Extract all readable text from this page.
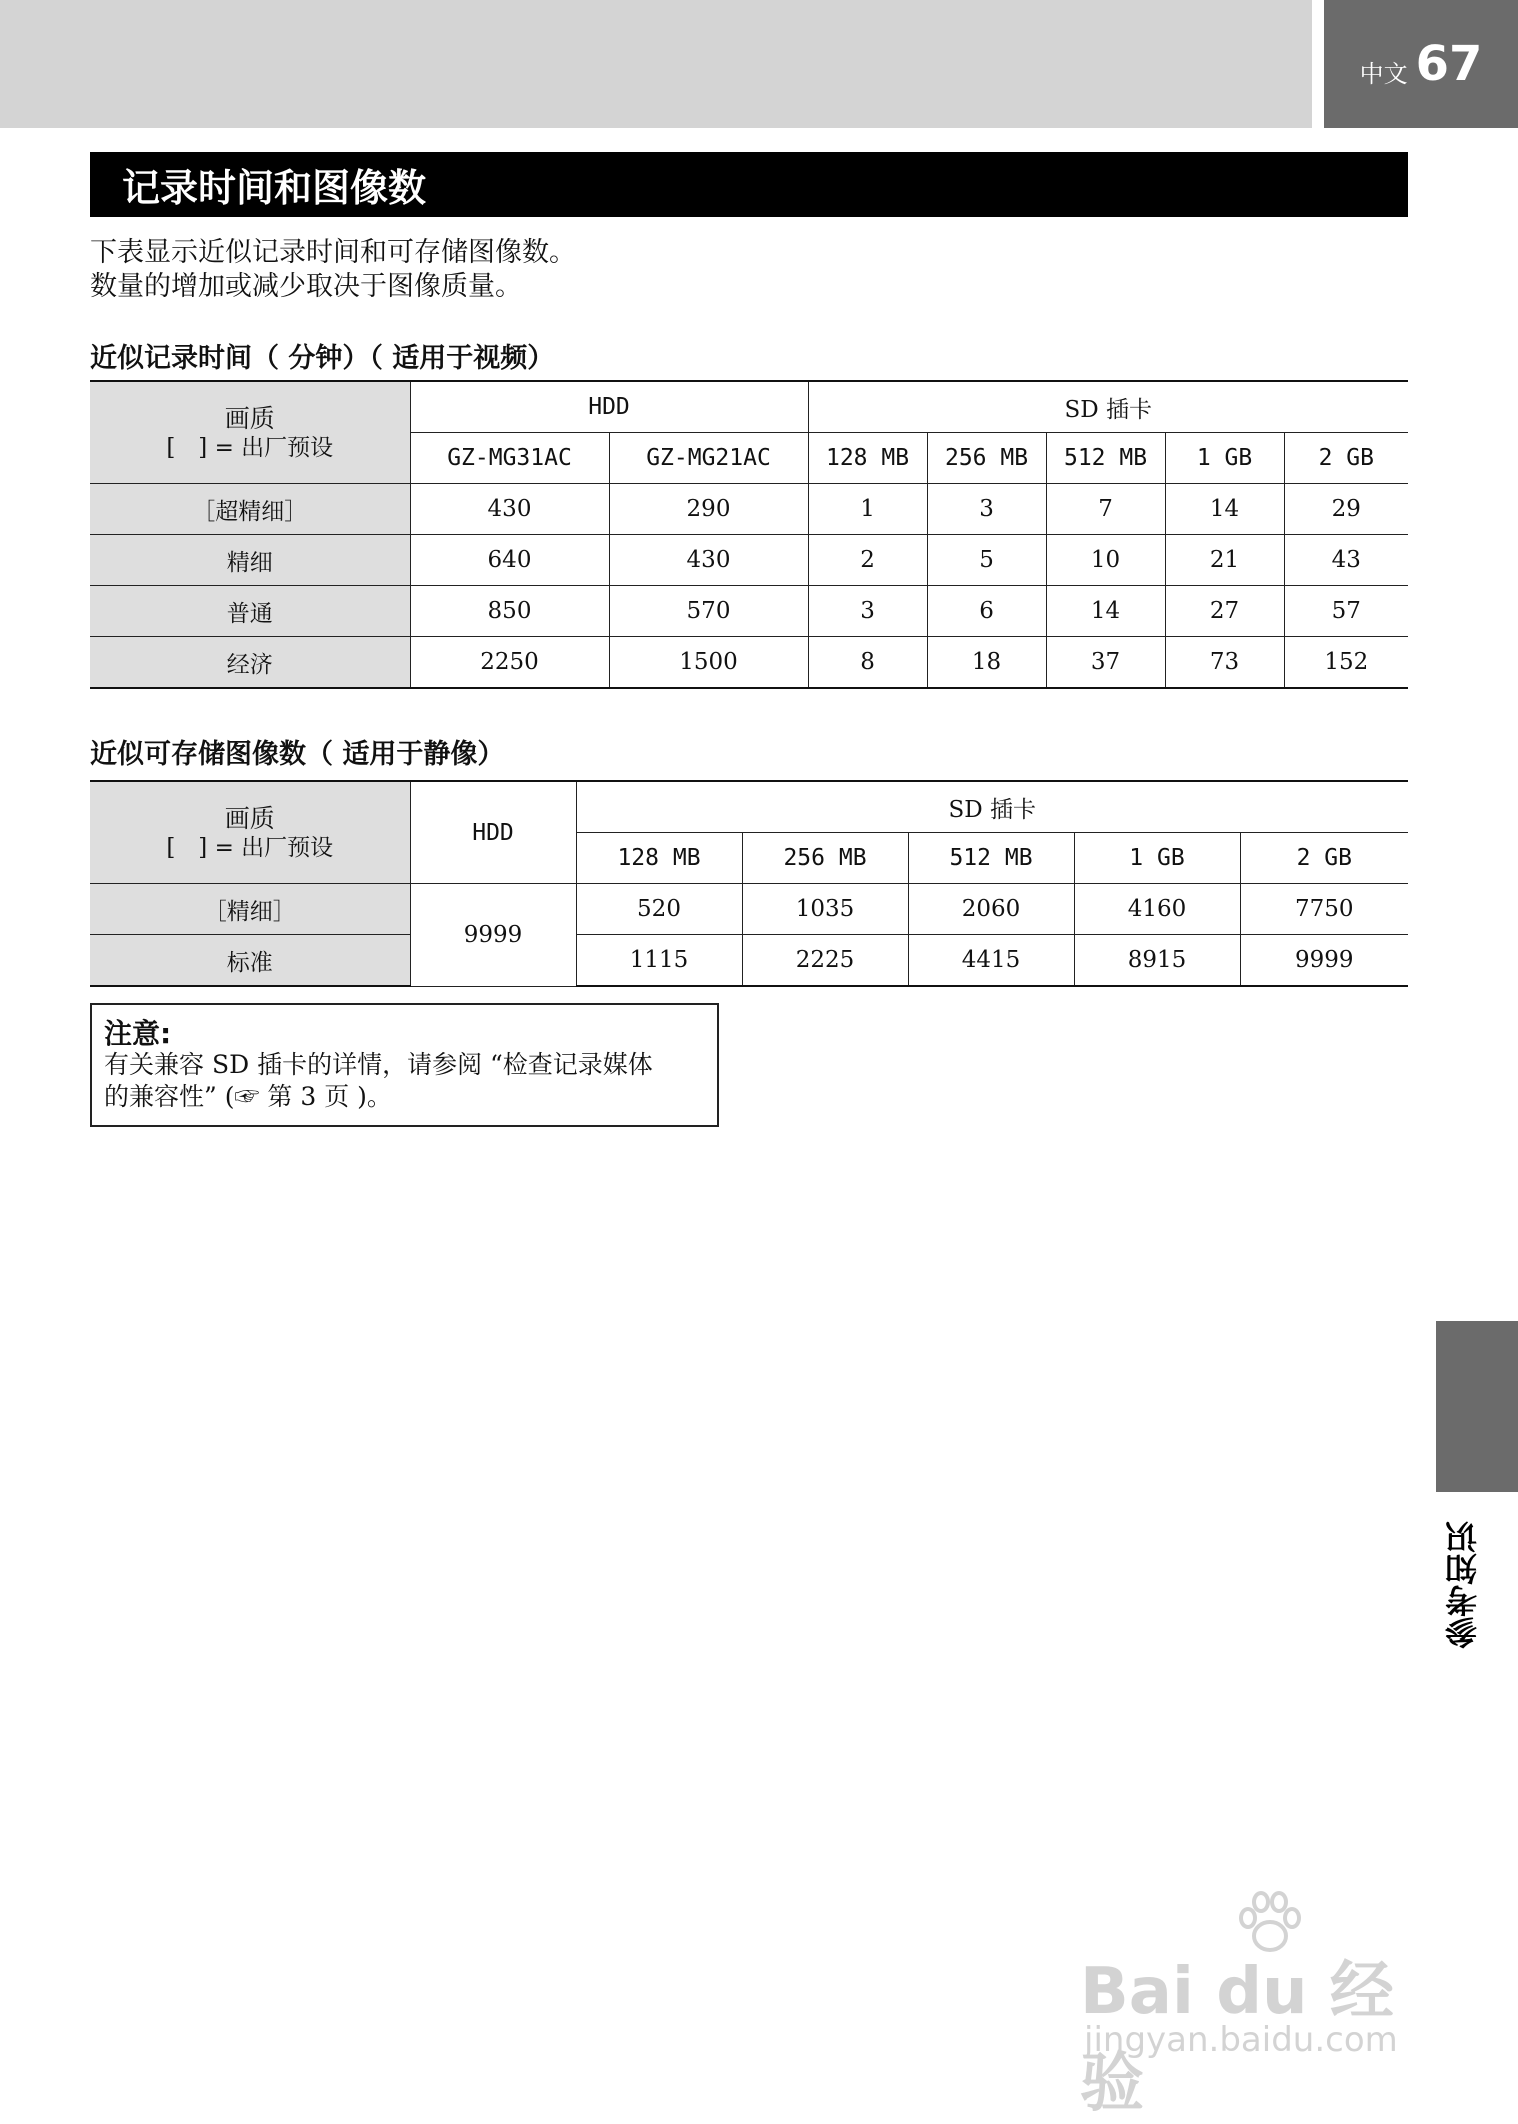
中文 67
记录时间和图像数
下表显示近似记录时间和可存储图像数。
数量的增加或减少取决于图像质量。
近似记录时间（ 分钟）（ 适用于视频）
画质
[　] = 出厂预设	HDD		SD 插卡				
	GZ-MG31AC	GZ-MG21AC	128 MB	256 MB	512 MB	1 GB	2 GB
［超精细］	430	290	1	3	7	14	29
精细	640	430	2	5	10	21	43
普通	850	570	3	6	14	27	57
经济	2250	1500	8	18	37	73	152
近似可存储图像数（ 适用于静像）
画质
[　] = 出厂预设	HDD	SD 插卡				
		128 MB	256 MB	512 MB	1 GB	2 GB
［精细］	9999	520	1035	2060	4160	7750
标准		1115	2225	4415	8915	9999
注意:
有关兼容 SD 插卡的详情，请参阅 “检查记录媒体
的兼容性” (☞ 第 3 页 )。
参考知识
Bai du 经验
jingyan.baidu.com
